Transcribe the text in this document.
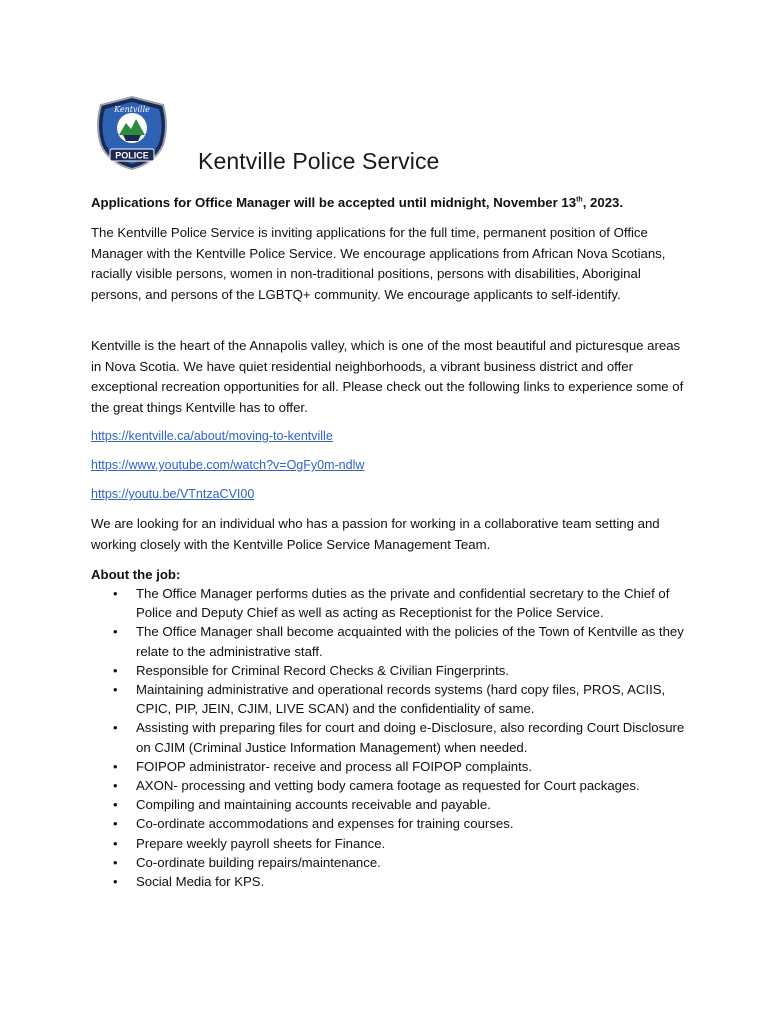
Kentville
POLICE Kentville Police Service
Applications for Office Manager will be accepted until midnight, November 13th, 2023.
The Kentville Police Service is inviting applications for the full time, permanent position of Office Manager with the Kentville Police Service. We encourage applications from African Nova Scotians, racially visible persons, women in non-traditional positions, persons with disabilities, Aboriginal persons, and persons of the LGBTQ+ community. We encourage applicants to self-identify.
Kentville is the heart of the Annapolis valley, which is one of the most beautiful and picturesque areas in Nova Scotia. We have quiet residential neighborhoods, a vibrant business district and offer exceptional recreation opportunities for all. Please check out the following links to experience some of the great things Kentville has to offer.
https://kentville.ca/about/moving-to-kentville
https://www.youtube.com/watch?v=OgFy0m-ndlw
https://youtu.be/VTntzaCVI00
We are looking for an individual who has a passion for working in a collaborative team setting and working closely with the Kentville Police Service Management Team.
About the job:
• The Office Manager performs duties as the private and confidential secretary to the Chief of Police and Deputy Chief as well as acting as Receptionist for the Police Service.
• The Office Manager shall become acquainted with the policies of the Town of Kentville as they relate to the administrative staff.
• Responsible for Criminal Record Checks & Civilian Fingerprints.
• Maintaining administrative and operational records systems (hard copy files, PROS, ACIIS, CPIC, PIP, JEIN, CJIM, LIVE SCAN) and the confidentiality of same.
• Assisting with preparing files for court and doing e-Disclosure, also recording Court Disclosure on CJIM (Criminal Justice Information Management) when needed.
• FOIPOP administrator- receive and process all FOIPOP complaints.
• AXON- processing and vetting body camera footage as requested for Court packages.
• Compiling and maintaining accounts receivable and payable.
• Co-ordinate accommodations and expenses for training courses.
• Prepare weekly payroll sheets for Finance.
• Co-ordinate building repairs/maintenance.
• Social Media for KPS.
